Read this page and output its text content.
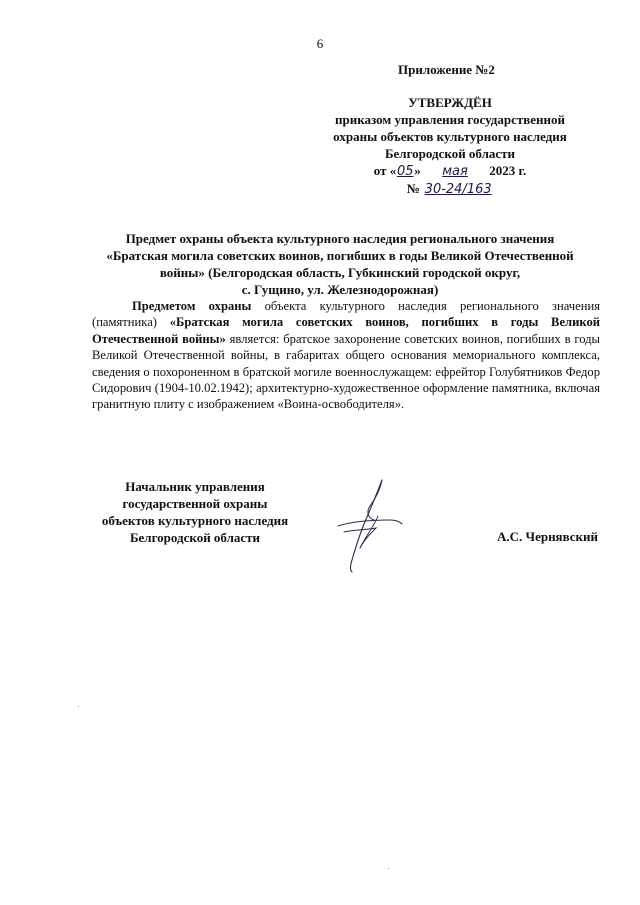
6
Приложение №2
УТВЕРЖДЁН
приказом управления государственной
охраны объектов культурного наследия
Белгородской области
от «05» мая 2023 г.
№ 30-24/163
Предмет охраны объекта культурного наследия регионального значения
«Братская могила советских воинов, погибших в годы Великой Отечественной
войны» (Белгородская область, Губкинский городской округ,
с. Гущино, ул. Железнодорожная)
Предметом охраны объекта культурного наследия регионального значения (памятника) «Братская могила советских воинов, погибших в годы Великой Отечественной войны» является: братское захоронение советских воинов, погибших в годы Великой Отечественной войны, в габаритах общего основания мемориального комплекса, сведения о похороненном в братской могиле военнослужащем: ефрейтор Голубятников Федор Сидорович (1904-10.02.1942); архитектурно-художественное оформление памятника, включая гранитную плиту с изображением «Воина-освободителя».
Начальник управления
государственной охраны
объектов культурного наследия
Белгородской области	А.С. Чернявский
